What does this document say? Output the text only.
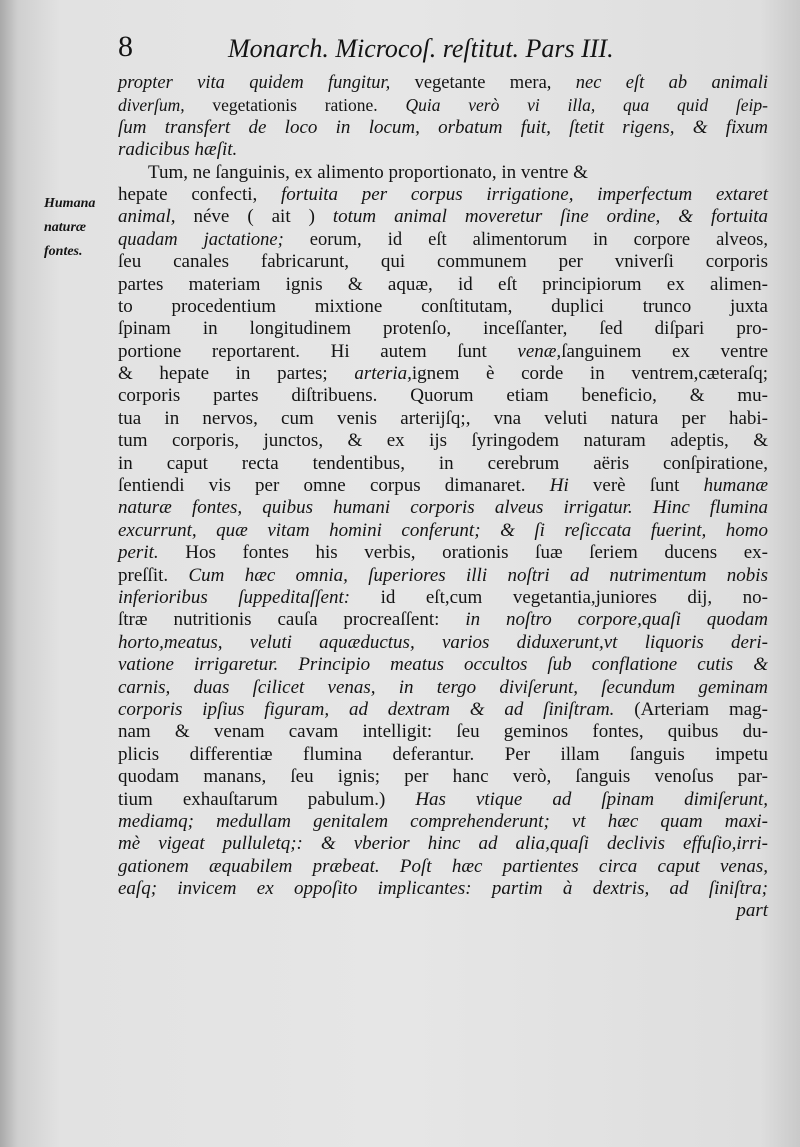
8	Monarch. Microcoſ. reſtitut. Pars III.
Humana
naturæ
fontes.
propter vita quidem fungitur, vegetante mera, nec eſt ab animali
diverſum, vegetationis ratione. Quia verò vi illa, qua quid ſeip-
ſum transfert de loco in locum, orbatum fuit, ſtetit rigens, & fixum
radicibus hæſit.
Tum, ne ſanguinis, ex alimento proportionato, in ventre &
hepate confecti, fortuita per corpus irrigatione, imperfectum extaret
animal, néve ( ait ) totum animal moveretur ſine ordine, & fortuita
quadam jactatione; eorum, id eſt alimentorum in corpore alveos,
ſeu canales fabricarunt, qui communem per vniverſi corporis
partes materiam ignis & aquæ, id eſt principiorum ex alimen-
to procedentium mixtione conſtitutam, duplici trunco juxta
ſpinam in longitudinem protenſo, inceſſanter, ſed diſpari pro-
portione reportarent. Hi autem ſunt venæ,ſanguinem ex ventre
& hepate in partes; arteria,ignem è corde in ventrem,cæteraſq;
corporis partes diſtribuens. Quorum etiam beneficio, & mu-
tua in nervos, cum venis arterijſq;, vna veluti natura per habi-
tum corporis, junctos, & ex ijs ſyringodem naturam adeptis, &
in caput recta tendentibus, in cerebrum aëris conſpiratione,
ſentiendi vis per omne corpus dimanaret. Hi verè ſunt humanæ
naturæ fontes, quibus humani corporis alveus irrigatur. Hinc flumina
excurrunt, quæ vitam homini conferunt; & ſi reſiccata fuerint, homo
perit. Hos fontes his verbis, orationis ſuæ ſeriem ducens ex-
preſſit. Cum hæc omnia, ſuperiores illi noſtri ad nutrimentum nobis
inferioribus ſuppeditaſſent: id eſt,cum vegetantia,juniores dij, no-
ſtræ nutritionis cauſa procreaſſent: in noſtro corpore,quaſi quodam
horto,meatus, veluti aquæductus, varios diduxerunt,vt liquoris deri-
vatione irrigaretur. Principio meatus occultos ſub conflatione cutis &
carnis, duas ſcilicet venas, in tergo diviſerunt, ſecundum geminam
corporis ipſius figuram, ad dextram & ad ſiniſtram. (Arteriam mag-
nam & venam cavam intelligit: ſeu geminos fontes, quibus du-
plicis differentiæ flumina deferantur. Per illam ſanguis impetu
quodam manans, ſeu ignis; per hanc verò, ſanguis venoſus par-
tium exhauſtarum pabulum.) Has vtique ad ſpinam dimiſerunt,
mediamq; medullam genitalem comprehenderunt; vt hæc quam maxi-
mè vigeat pulluletq;: & vberior hinc ad alia,quaſi declivis effuſio,irri-
gationem æquabilem præbeat. Poſt hæc partientes circa caput venas,
eaſq; invicem ex oppoſito implicantes: partim à dextris, ad ſiniſtra;
part
